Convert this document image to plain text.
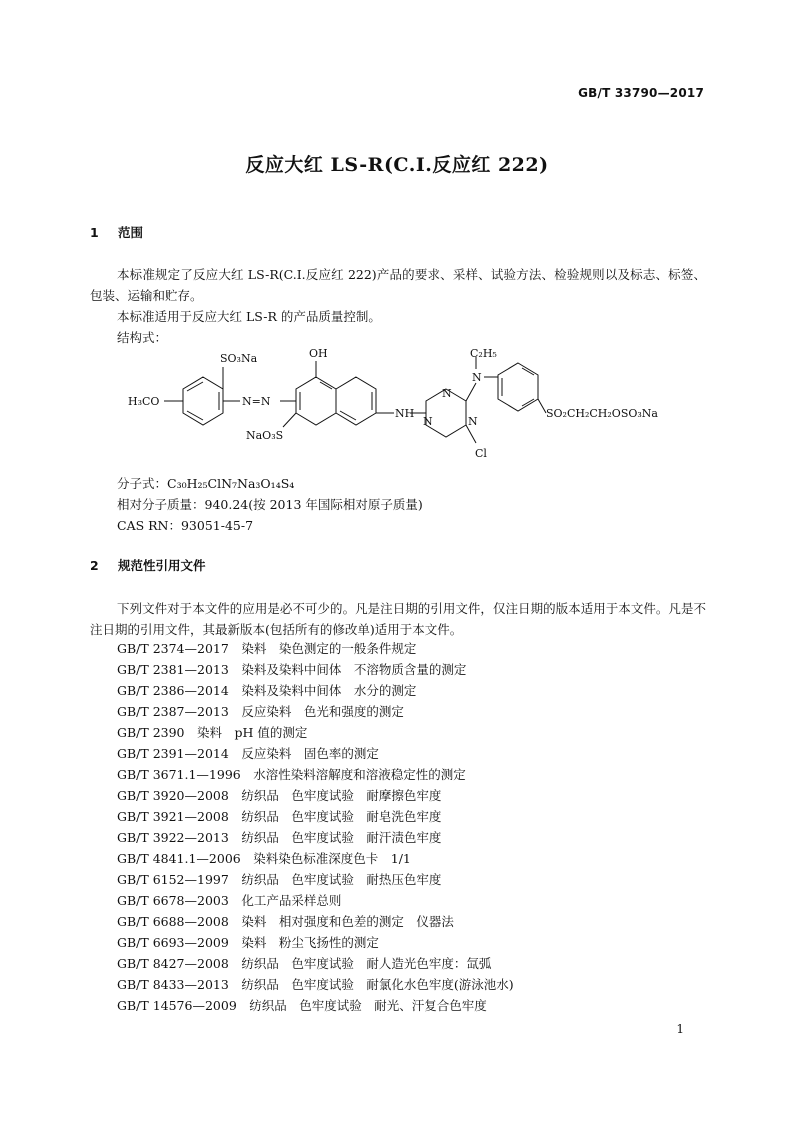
GB/T 33790—2017
反应大红 LS-R(C.I.反应红 222)
1 范围
本标准规定了反应大红 LS-R(C.I.反应红 222)产品的要求、采样、试验方法、检验规则以及标志、标签、包装、运输和贮存。
本标准适用于反应大红 LS-R 的产品质量控制。
结构式：
SO₃Na	OH
H₃CO	N=N
NaO₃S
NH
C₂H₅
N
N
N	N
Cl
SO₂CH₂CH₂OSO₃Na
分子式：C₃₀H₂₅ClN₇Na₃O₁₄S₄
相对分子质量：940.24(按 2013 年国际相对原子质量)
CAS RN：93051-45-7
2 规范性引用文件
下列文件对于本文件的应用是必不可少的。凡是注日期的引用文件，仅注日期的版本适用于本文件。凡是不注日期的引用文件，其最新版本(包括所有的修改单)适用于本文件。
GB/T 2374—2017　 染料　染色测定的一般条件规定
GB/T 2381—2013　 染料及染料中间体　不溶物质含量的测定
GB/T 2386—2014　 染料及染料中间体　水分的测定
GB/T 2387—2013　 反应染料　色光和强度的测定
GB/T 2390　 染料　pH 值的测定
GB/T 2391—2014　 反应染料　固色率的测定
GB/T 3671.1—1996　 水溶性染料溶解度和溶液稳定性的测定
GB/T 3920—2008　 纺织品　色牢度试验　耐摩擦色牢度
GB/T 3921—2008　 纺织品　色牢度试验　耐皂洗色牢度
GB/T 3922—2013　 纺织品　色牢度试验　耐汗渍色牢度
GB/T 4841.1—2006　 染料染色标准深度色卡　1/1
GB/T 6152—1997　 纺织品　色牢度试验　耐热压色牢度
GB/T 6678—2003　 化工产品采样总则
GB/T 6688—2008　 染料　相对强度和色差的测定　仪器法
GB/T 6693—2009　 染料　粉尘飞扬性的测定
GB/T 8427—2008　 纺织品　色牢度试验　耐人造光色牢度：氙弧
GB/T 8433—2013　 纺织品　色牢度试验　耐氯化水色牢度(游泳池水)
GB/T 14576—2009　 纺织品　色牢度试验　耐光、汗复合色牢度
1
